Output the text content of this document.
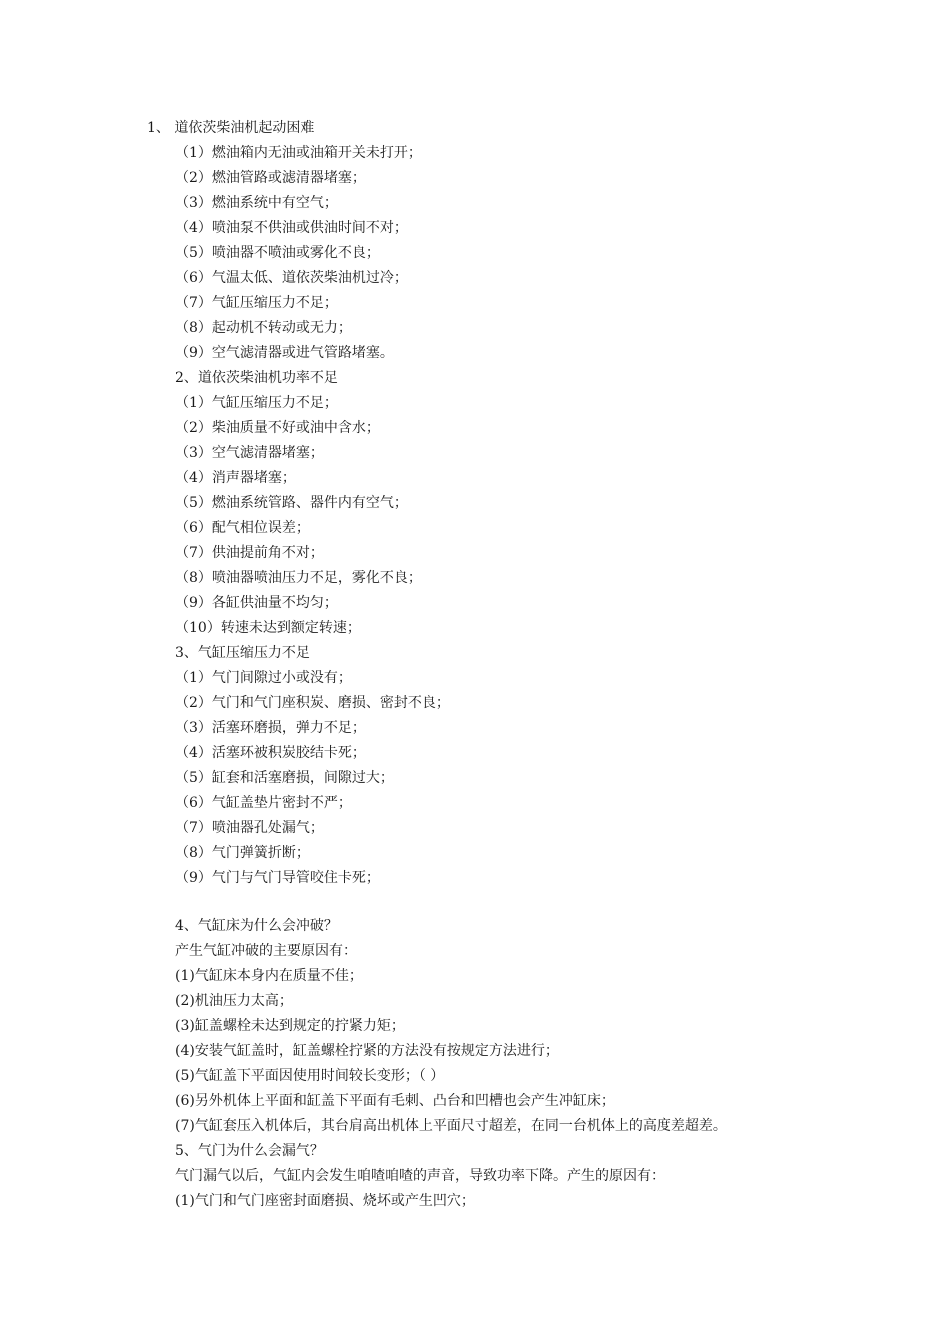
1、 道依茨柴油机起动困难
（1）燃油箱内无油或油箱开关未打开；
（2）燃油管路或滤清器堵塞；
（3）燃油系统中有空气；
（4）喷油泵不供油或供油时间不对；
（5）喷油器不喷油或雾化不良；
（6）气温太低、道依茨柴油机过冷；
（7）气缸压缩压力不足；
（8）起动机不转动或无力；
（9）空气滤清器或进气管路堵塞。
2、道依茨柴油机功率不足
（1）气缸压缩压力不足；
（2）柴油质量不好或油中含水；
（3）空气滤清器堵塞；
（4）消声器堵塞；
（5）燃油系统管路、器件内有空气；
（6）配气相位误差；
（7）供油提前角不对；
（8）喷油器喷油压力不足，雾化不良；
（9）各缸供油量不均匀；
（10）转速未达到额定转速；
3、气缸压缩压力不足
（1）气门间隙过小或没有；
（2）气门和气门座积炭、磨损、密封不良；
（3）活塞环磨损，弹力不足；
（4）活塞环被积炭胶结卡死；
（5）缸套和活塞磨损，间隙过大；
（6）气缸盖垫片密封不严；
（7）喷油器孔处漏气；
（8）气门弹簧折断；
（9）气门与气门导管咬住卡死；
4、气缸床为什么会冲破？
产生气缸冲破的主要原因有：
(1)气缸床本身内在质量不佳；
(2)机油压力太高；
(3)缸盖螺栓未达到规定的拧紧力矩；
(4)安装气缸盖时，缸盖螺栓拧紧的方法没有按规定方法进行；
(5)气缸盖下平面因使用时间较长变形；（ ）
(6)另外机体上平面和缸盖下平面有毛刺、凸台和凹槽也会产生冲缸床；
(7)气缸套压入机体后，其台肩高出机体上平面尺寸超差，在同一台机体上的高度差超差。
5、气门为什么会漏气？
气门漏气以后，气缸内会发生咱喳咱喳的声音，导致功率下降。产生的原因有：
(1)气门和气门座密封面磨损、烧坏或产生凹穴；
